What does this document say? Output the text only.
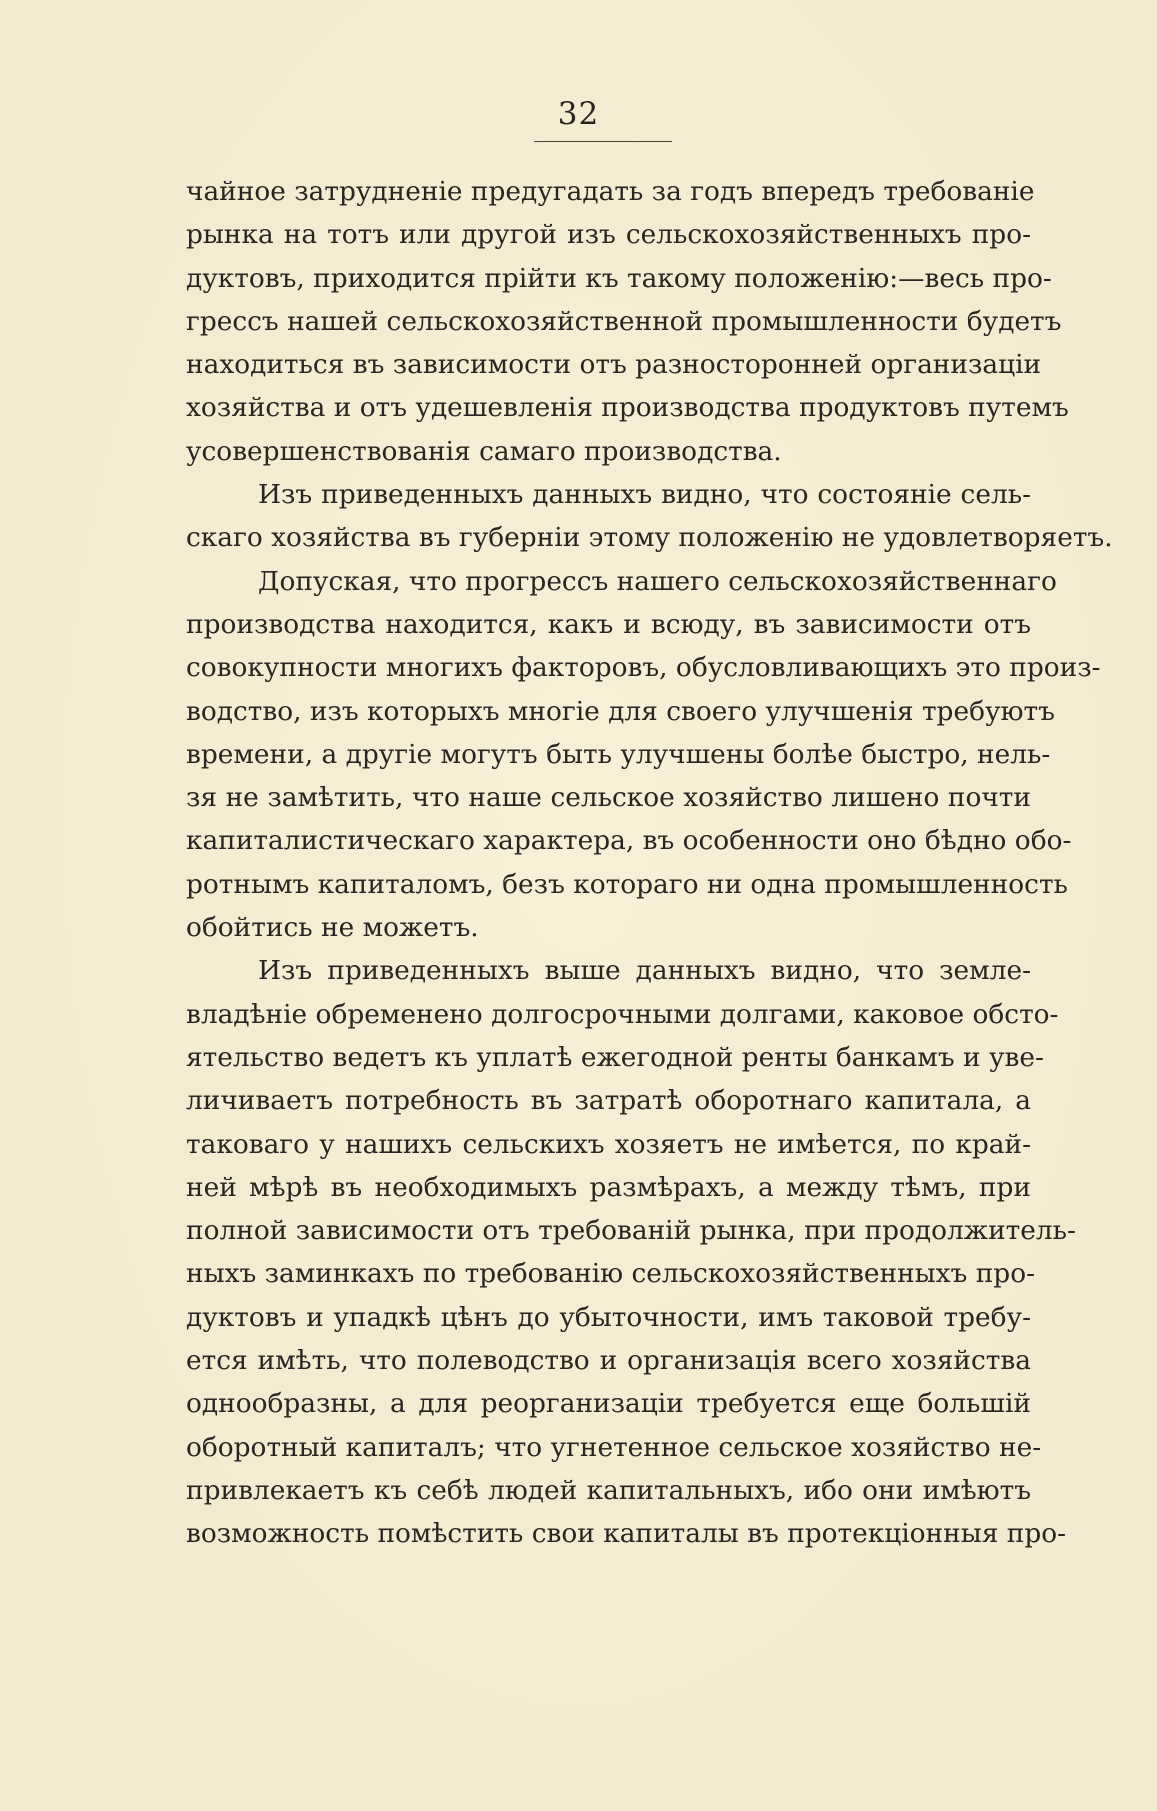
32
чайное затрудненіе предугадать за годъ впередъ требованіе
рынка на тотъ или другой изъ сельскохозяйственныхъ про-
дуктовъ, приходится прійти къ такому положенію:—весь про-
грессъ нашей сельскохозяйственной промышленности будетъ
находиться въ зависимости отъ разносторонней организаціи
хозяйства и отъ удешевленія производства продуктовъ путемъ
усовершенствованія самаго производства.
Изъ приведенныхъ данныхъ видно, что состояніе сель-
скаго хозяйства въ губерніи этому положенію не удовлетворяетъ.
Допуская, что прогрессъ нашего сельскохозяйственнаго
производства находится, какъ и всюду, въ зависимости отъ
совокупности многихъ факторовъ, обусловливающихъ это произ-
водство, изъ которыхъ многіе для своего улучшенія требуютъ
времени, а другіе могутъ быть улучшены болѣе быстро, нель-
зя не замѣтить, что наше сельское хозяйство лишено почти
капиталистическаго характера, въ особенности оно бѣдно обо-
ротнымъ капиталомъ, безъ котораго ни одна промышленность
обойтись не можетъ.
Изъ приведенныхъ выше данныхъ видно, что земле-
владѣніе обременено долгосрочными долгами, каковое обсто-
ятельство ведетъ къ уплатѣ ежегодной ренты банкамъ и уве-
личиваетъ потребность въ затратѣ оборотнаго капитала, а
таковаго у нашихъ сельскихъ хозяетъ не имѣется, по край-
ней мѣрѣ въ необходимыхъ размѣрахъ, а между тѣмъ, при
полной зависимости отъ требованій рынка, при продолжитель-
ныхъ заминкахъ по требованію сельскохозяйственныхъ про-
дуктовъ и упадкѣ цѣнъ до убыточности, имъ таковой требу-
ется имѣть, что полеводство и организація всего хозяйства
однообразны, а для реорганизаціи требуется еще большій
оборотный капиталъ; что угнетенное сельское хозяйство не-
привлекаетъ къ себѣ людей капитальныхъ, ибо они имѣютъ
возможность помѣстить свои капиталы въ протекціонныя про-
